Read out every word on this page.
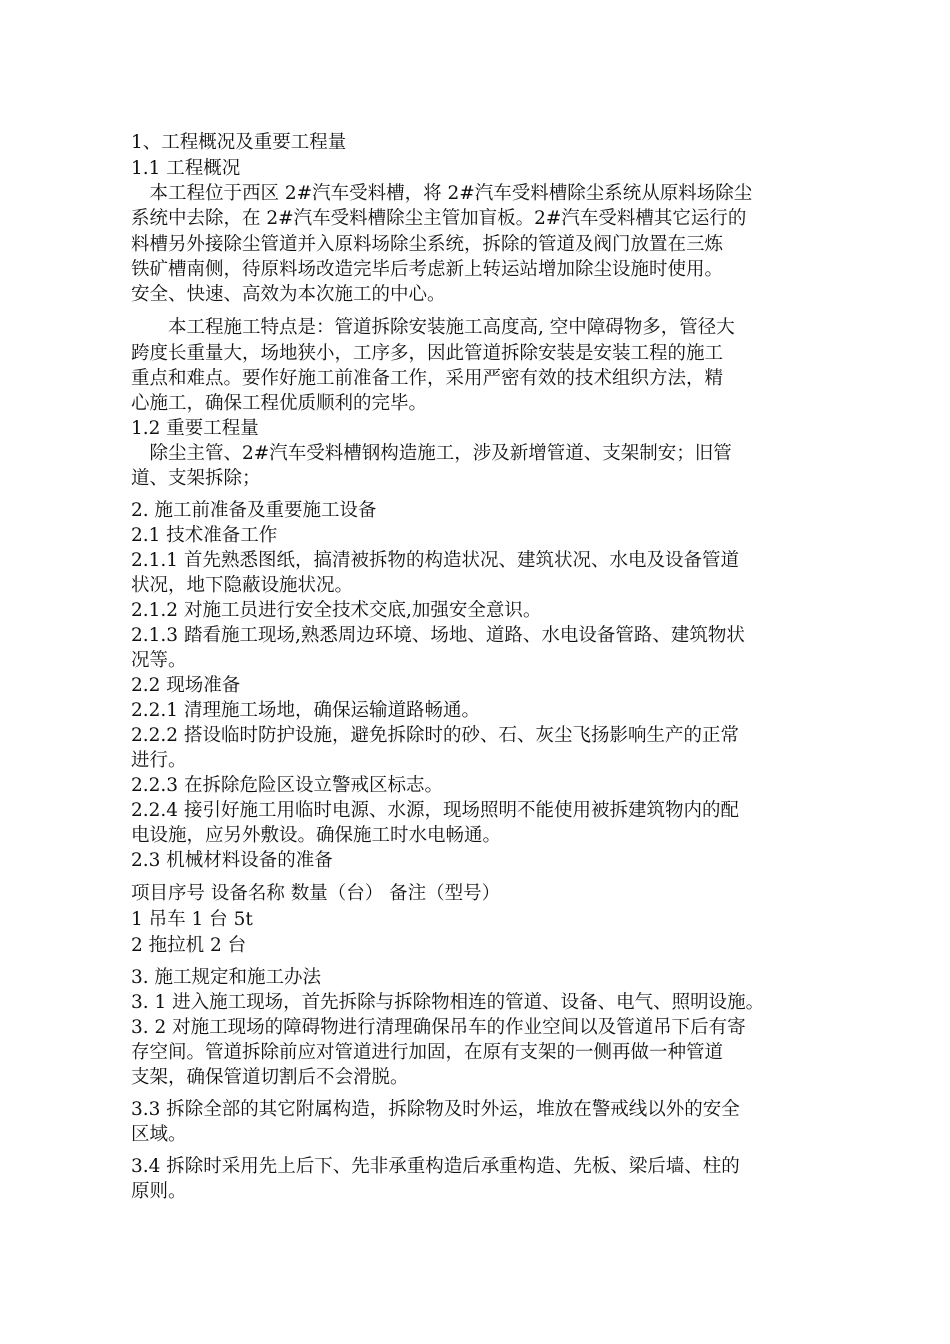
1、工程概况及重要工程量
1.1 工程概况
　本工程位于西区 2#汽车受料槽，将 2#汽车受料槽除尘系统从原料场除尘
系统中去除，在 2#汽车受料槽除尘主管加盲板。2#汽车受料槽其它运行的
料槽另外接除尘管道并入原料场除尘系统，拆除的管道及阀门放置在三炼
铁矿槽南侧，待原料场改造完毕后考虑新上转运站增加除尘设施时使用。
安全、快速、高效为本次施工的中心。
　　本工程施工特点是：管道拆除安装施工高度高, 空中障碍物多，管径大
跨度长重量大，场地狭小，工序多，因此管道拆除安装是安装工程的施工
重点和难点。要作好施工前准备工作，采用严密有效的技术组织方法，精
心施工，确保工程优质顺利的完毕。
1.2 重要工程量
　除尘主管、2#汽车受料槽钢构造施工，涉及新增管道、支架制安；旧管
道、支架拆除；
2. 施工前准备及重要施工设备
2.1 技术准备工作
2.1.1 首先熟悉图纸，搞清被拆物的构造状况、建筑状况、水电及设备管道
状况，地下隐蔽设施状况。
2.1.2 对施工员进行安全技术交底,加强安全意识。
2.1.3 踏看施工现场,熟悉周边环境、场地、道路、水电设备管路、建筑物状
况等。
2.2 现场准备
2.2.1 清理施工场地，确保运输道路畅通。
2.2.2 搭设临时防护设施，避免拆除时的砂、石、灰尘飞扬影响生产的正常
进行。
2.2.3 在拆除危险区设立警戒区标志。
2.2.4 接引好施工用临时电源、水源，现场照明不能使用被拆建筑物内的配
电设施，应另外敷设。确保施工时水电畅通。
2.3 机械材料设备的准备
项目序号 设备名称 数量（台） 备注（型号）
1 吊车 1 台 5t
2 拖拉机 2 台
3. 施工规定和施工办法
3. 1 进入施工现场，首先拆除与拆除物相连的管道、设备、电气、照明设施。
3. 2 对施工现场的障碍物进行清理确保吊车的作业空间以及管道吊下后有寄
存空间。管道拆除前应对管道进行加固，在原有支架的一侧再做一种管道
支架，确保管道切割后不会滑脱。
3.3 拆除全部的其它附属构造，拆除物及时外运，堆放在警戒线以外的安全
区域。
3.4 拆除时采用先上后下、先非承重构造后承重构造、先板、梁后墙、柱的
原则。
